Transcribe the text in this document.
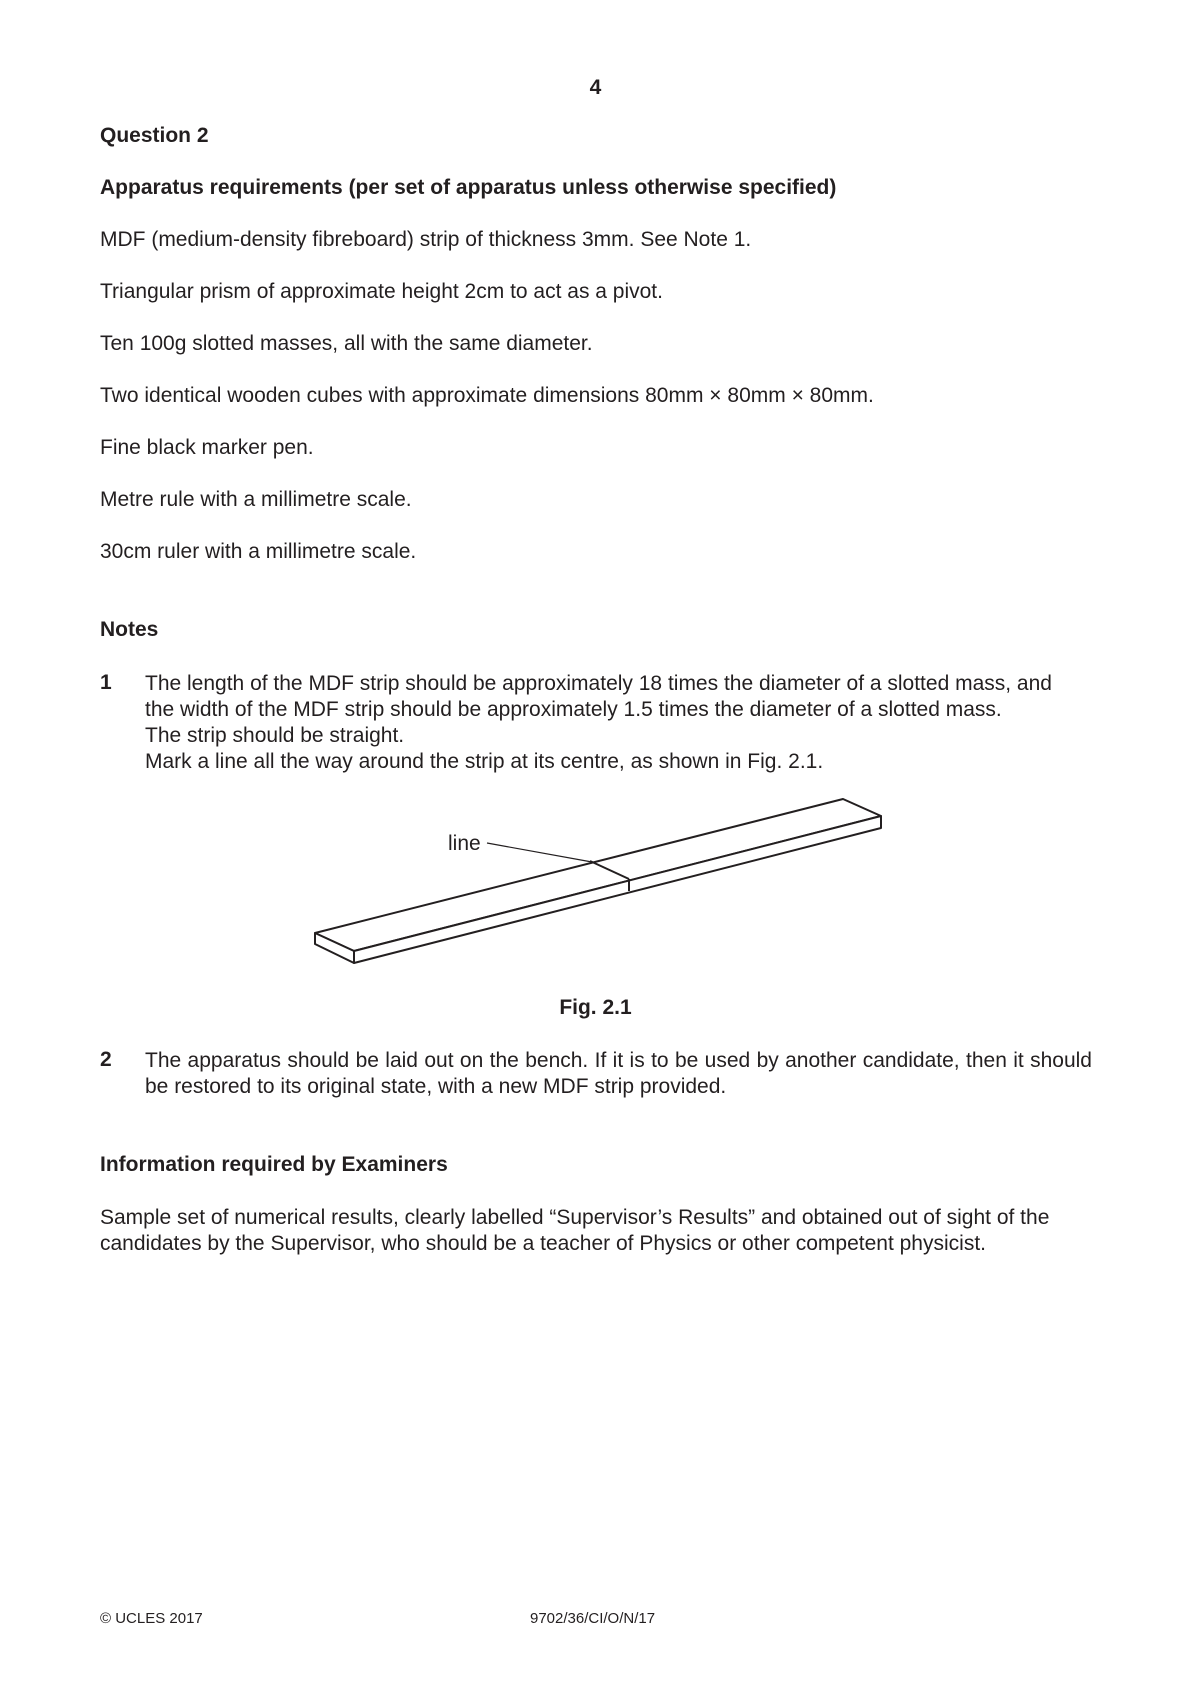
4
Question 2
Apparatus requirements (per set of apparatus unless otherwise specified)
MDF (medium-density fibreboard) strip of thickness 3mm. See Note 1.
Triangular prism of approximate height 2cm to act as a pivot.
Ten 100g slotted masses, all with the same diameter.
Two identical wooden cubes with approximate dimensions 80mm × 80mm × 80mm.
Fine black marker pen.
Metre rule with a millimetre scale.
30cm ruler with a millimetre scale.
Notes
1 The length of the MDF strip should be approximately 18 times the diameter of a slotted mass, and
the width of the MDF strip should be approximately 1.5 times the diameter of a slotted mass.
The strip should be straight.
Mark a line all the way around the strip at its centre, as shown in Fig. 2.1.
line
Fig. 2.1
2 The apparatus should be laid out on the bench. If it is to be used by another candidate, then it should be restored to its original state, with a new MDF strip provided.
Information required by Examiners
Sample set of numerical results, clearly labelled “Supervisor’s Results” and obtained out of sight of the candidates by the Supervisor, who should be a teacher of Physics or other competent physicist.
© UCLES 2017	9702/36/CI/O/N/17
